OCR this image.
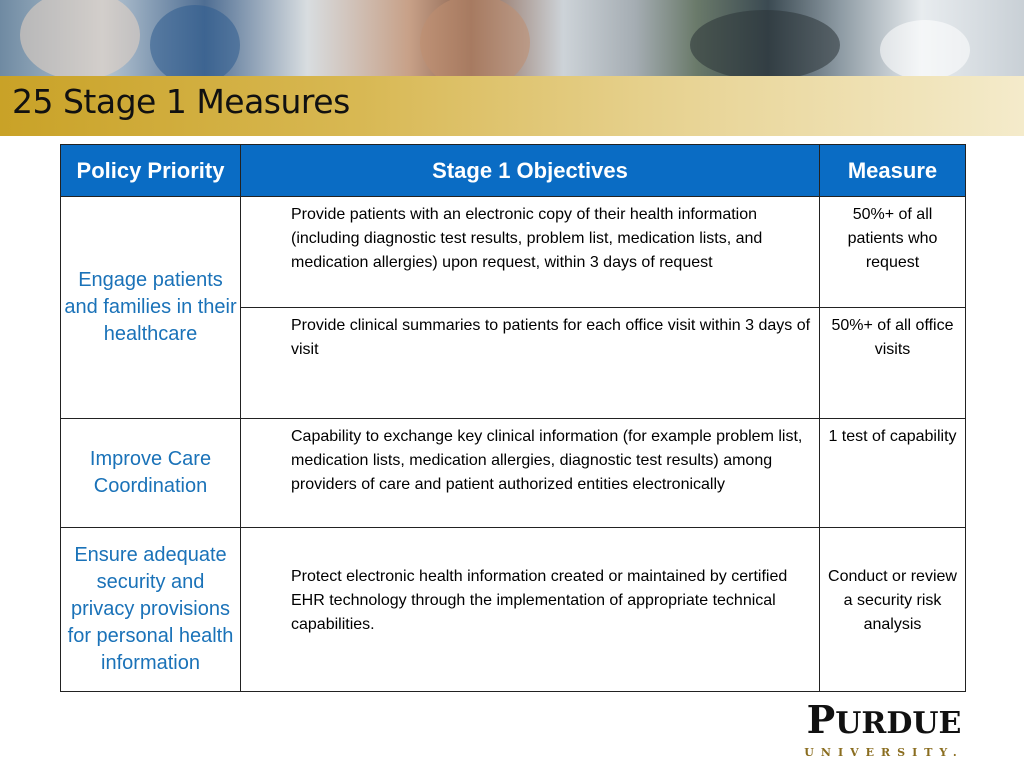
25 Stage 1 Measures
Policy Priority	Stage 1 Objectives	Measure
Engage patients and families in their healthcare	Provide patients with an electronic copy of their health information (including diagnostic test results, problem list, medication lists, and medication allergies) upon request, within 3 days of request	50%+ of all patients who request
	Provide clinical summaries to patients for each office visit within 3 days of visit	50%+ of all office visits
Improve Care Coordination	Capability to exchange key clinical information (for example problem list, medication lists, medication allergies, diagnostic test results) among providers of care and patient authorized entities electronically	1 test of capability
Ensure adequate security and privacy provisions for personal health information	Protect electronic health information created or maintained by certified EHR technology through the implementation of appropriate technical capabilities.	Conduct or review a security risk analysis
PURDUE
UNIVERSITY.
